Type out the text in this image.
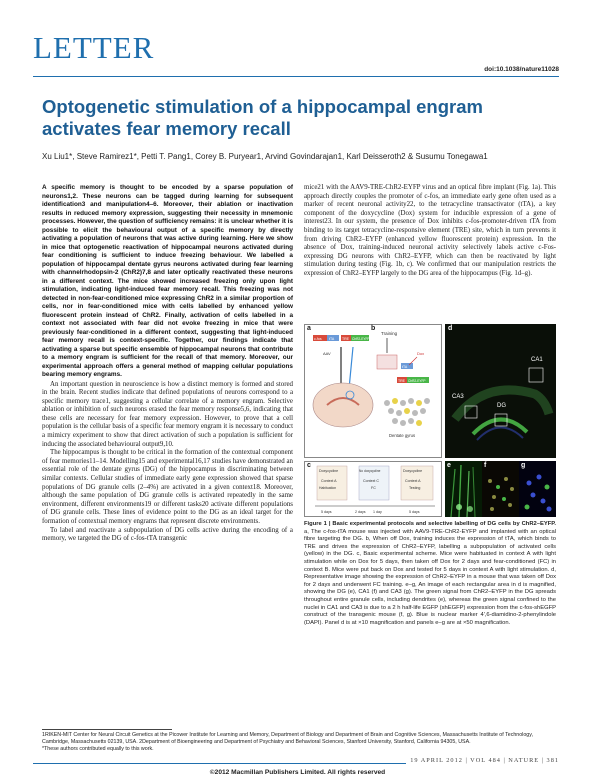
LETTER
doi:10.1038/nature11028
Optogenetic stimulation of a hippocampal engram activates fear memory recall
Xu Liu1*, Steve Ramirez1*, Petti T. Pang1, Corey B. Puryear1, Arvind Govindarajan1, Karl Deisseroth2 & Susumu Tonegawa1

A specific memory is thought to be encoded by a sparse population of neurons1,2. These neurons can be tagged during learning for subsequent identification3 and manipulation4–6. Moreover, their ablation or inactivation results in reduced memory expression, suggesting their necessity in mnemonic processes. However, the question of sufficiency remains: it is unclear whether it is possible to elicit the behavioural output of a specific memory by directly activating a population of neurons that was active during learning. Here we show in mice that optogenetic reactivation of hippocampal neurons activated during fear conditioning is sufficient to induce freezing behaviour. We labelled a population of hippocampal dentate gyrus neurons activated during fear learning with channelrhodopsin-2 (ChR2)7,8 and later optically reactivated these neurons in a different context. The mice showed increased freezing only upon light stimulation, indicating light-induced fear memory recall. This freezing was not detected in non-fear-conditioned mice expressing ChR2 in a similar proportion of cells, nor in fear-conditioned mice with cells labelled by enhanced yellow fluorescent protein instead of ChR2. Finally, activation of cells labelled in a context not associated with fear did not evoke freezing in mice that were previously fear-conditioned in a different context, suggesting that light-induced fear memory recall is context-specific. Together, our findings indicate that activating a sparse but specific ensemble of hippocampal neurons that contribute to a memory engram is sufficient for the recall of that memory. Moreover, our experimental approach offers a general method of mapping cellular populations bearing memory engrams.

An important question in neuroscience is how a distinct memory is formed and stored in the brain. Recent studies indicate that defined populations of neurons correspond to a specific memory trace1, suggesting a cellular correlate of a memory engram. Selective ablation or inhibition of such neurons erased the fear memory response5,6, indicating that these cells are necessary for fear memory expression. However, to prove that a cell population is the cellular basis of a specific fear memory engram it is necessary to conduct a mimicry experiment to show that direct activation of such a population is sufficient for inducing the associated behavioural output9,10.

The hippocampus is thought to be critical in the formation of the contextual component of fear memories11–14. Modelling15 and experimental16,17 studies have demonstrated an essential role of the dentate gyrus (DG) of the hippocampus in discriminating between similar contexts. Cellular studies of immediate early gene expression showed that sparse populations of DG granule cells (2–4%) are activated in a given context18. Moreover, although the same population of DG granule cells is activated repeatedly in the same environment, different environments19 or different tasks20 activate different populations of DG granule cells. These lines of evidence point to the DG as an ideal target for the formation of contextual memory engrams that represent discrete environments.

To label and reactivate a subpopulation of DG cells active during the encoding of a memory, we targeted the DG of c-fos-tTA transgenic

mice21 with the AAV9-TRE-ChR2-EYFP virus and an optical fibre implant (Fig. 1a). This approach directly couples the promoter of c-fos, an immediate early gene often used as a marker of recent neuronal activity22, to the tetracycline transactivator (tTA), a key component of the doxycycline (Dox) system for inducible expression of a gene of interest23. In our system, the presence of Dox inhibits c-fos-promoter-driven tTA from binding to its target tetracycline-responsive element (TRE) site, which in turn prevents it from driving ChR2–EYFP (enhanced yellow fluorescent protein) expression. In the absence of Dox, training-induced neuronal activity selectively labels active c-Fos-expressing DG neurons with ChR2–EYFP, which can then be reactivated by light stimulation during testing (Fig. 1b, c). We confirmed that our manipulation restricts the expression of ChR2–EYFP largely to the DG area of the hippocampus (Fig. 1d–g).

a	b
c-fos tTA TRE ChR2-EYFP
AAV
Training
tTA
Dox
TRE ChR2-EYFP
Dentate gyrus
c
Doxycycline
Context A
Habituation
No doxycycline
Context C
FC
Doxycycline
Context A
Testing
5 days	2 days 1 day	5 days
d
CA1
DG
CA3
e	f	g
Figure 1 | Basic experimental protocols and selective labelling of DG cells by ChR2–EYFP. a, The c-fos-tTA mouse was injected with AAV9-TRE-ChR2-EYFP and implanted with an optical fibre targeting the DG. b, When off Dox, training induces the expression of tTA, which binds to TRE and drives the expression of ChR2–EYFP, labelling a subpopulation of activated cells (yellow) in the DG. c, Basic experimental scheme. Mice were habituated in context A with light stimulation while on Dox for 5 days, then taken off Dox for 2 days and fear-conditioned (FC) in context B. Mice were put back on Dox and tested for 5 days in context A with light stimulation. d, Representative image showing the expression of ChR2–EYFP in a mouse that was taken off Dox for 2 days and underwent FC training. e–g, An image of each rectangular area in d is magnified, showing the DG (e), CA1 (f) and CA3 (g). The green signal from ChR2–EYFP in the DG spreads throughout entire granule cells, including dendrites (e), whereas the green signal confined to the nuclei in CA1 and CA3 is due to a 2 h half-life EGFP (shEGFP) expression from the c-fos-shEGFP construct of the transgenic mouse (f, g). Blue is nuclear marker 4′,6-diamidino-2-phenylindole (DAPI). Panel d is at ×10 magnification and panels e–g are at ×50 magnification.
1RIKEN-MIT Center for Neural Circuit Genetics at the Picower Institute for Learning and Memory, Department of Biology and Department of Brain and Cognitive Sciences, Massachusetts Institute of Technology, Cambridge, Massachusetts 02139, USA. 2Department of Bioengineering and Department of Psychiatry and Behavioral Sciences, Stanford University, Stanford, California 94305, USA.
*These authors contributed equally to this work.
19 APRIL 2012 | VOL 484 | NATURE | 381
©2012 Macmillan Publishers Limited. All rights reserved
